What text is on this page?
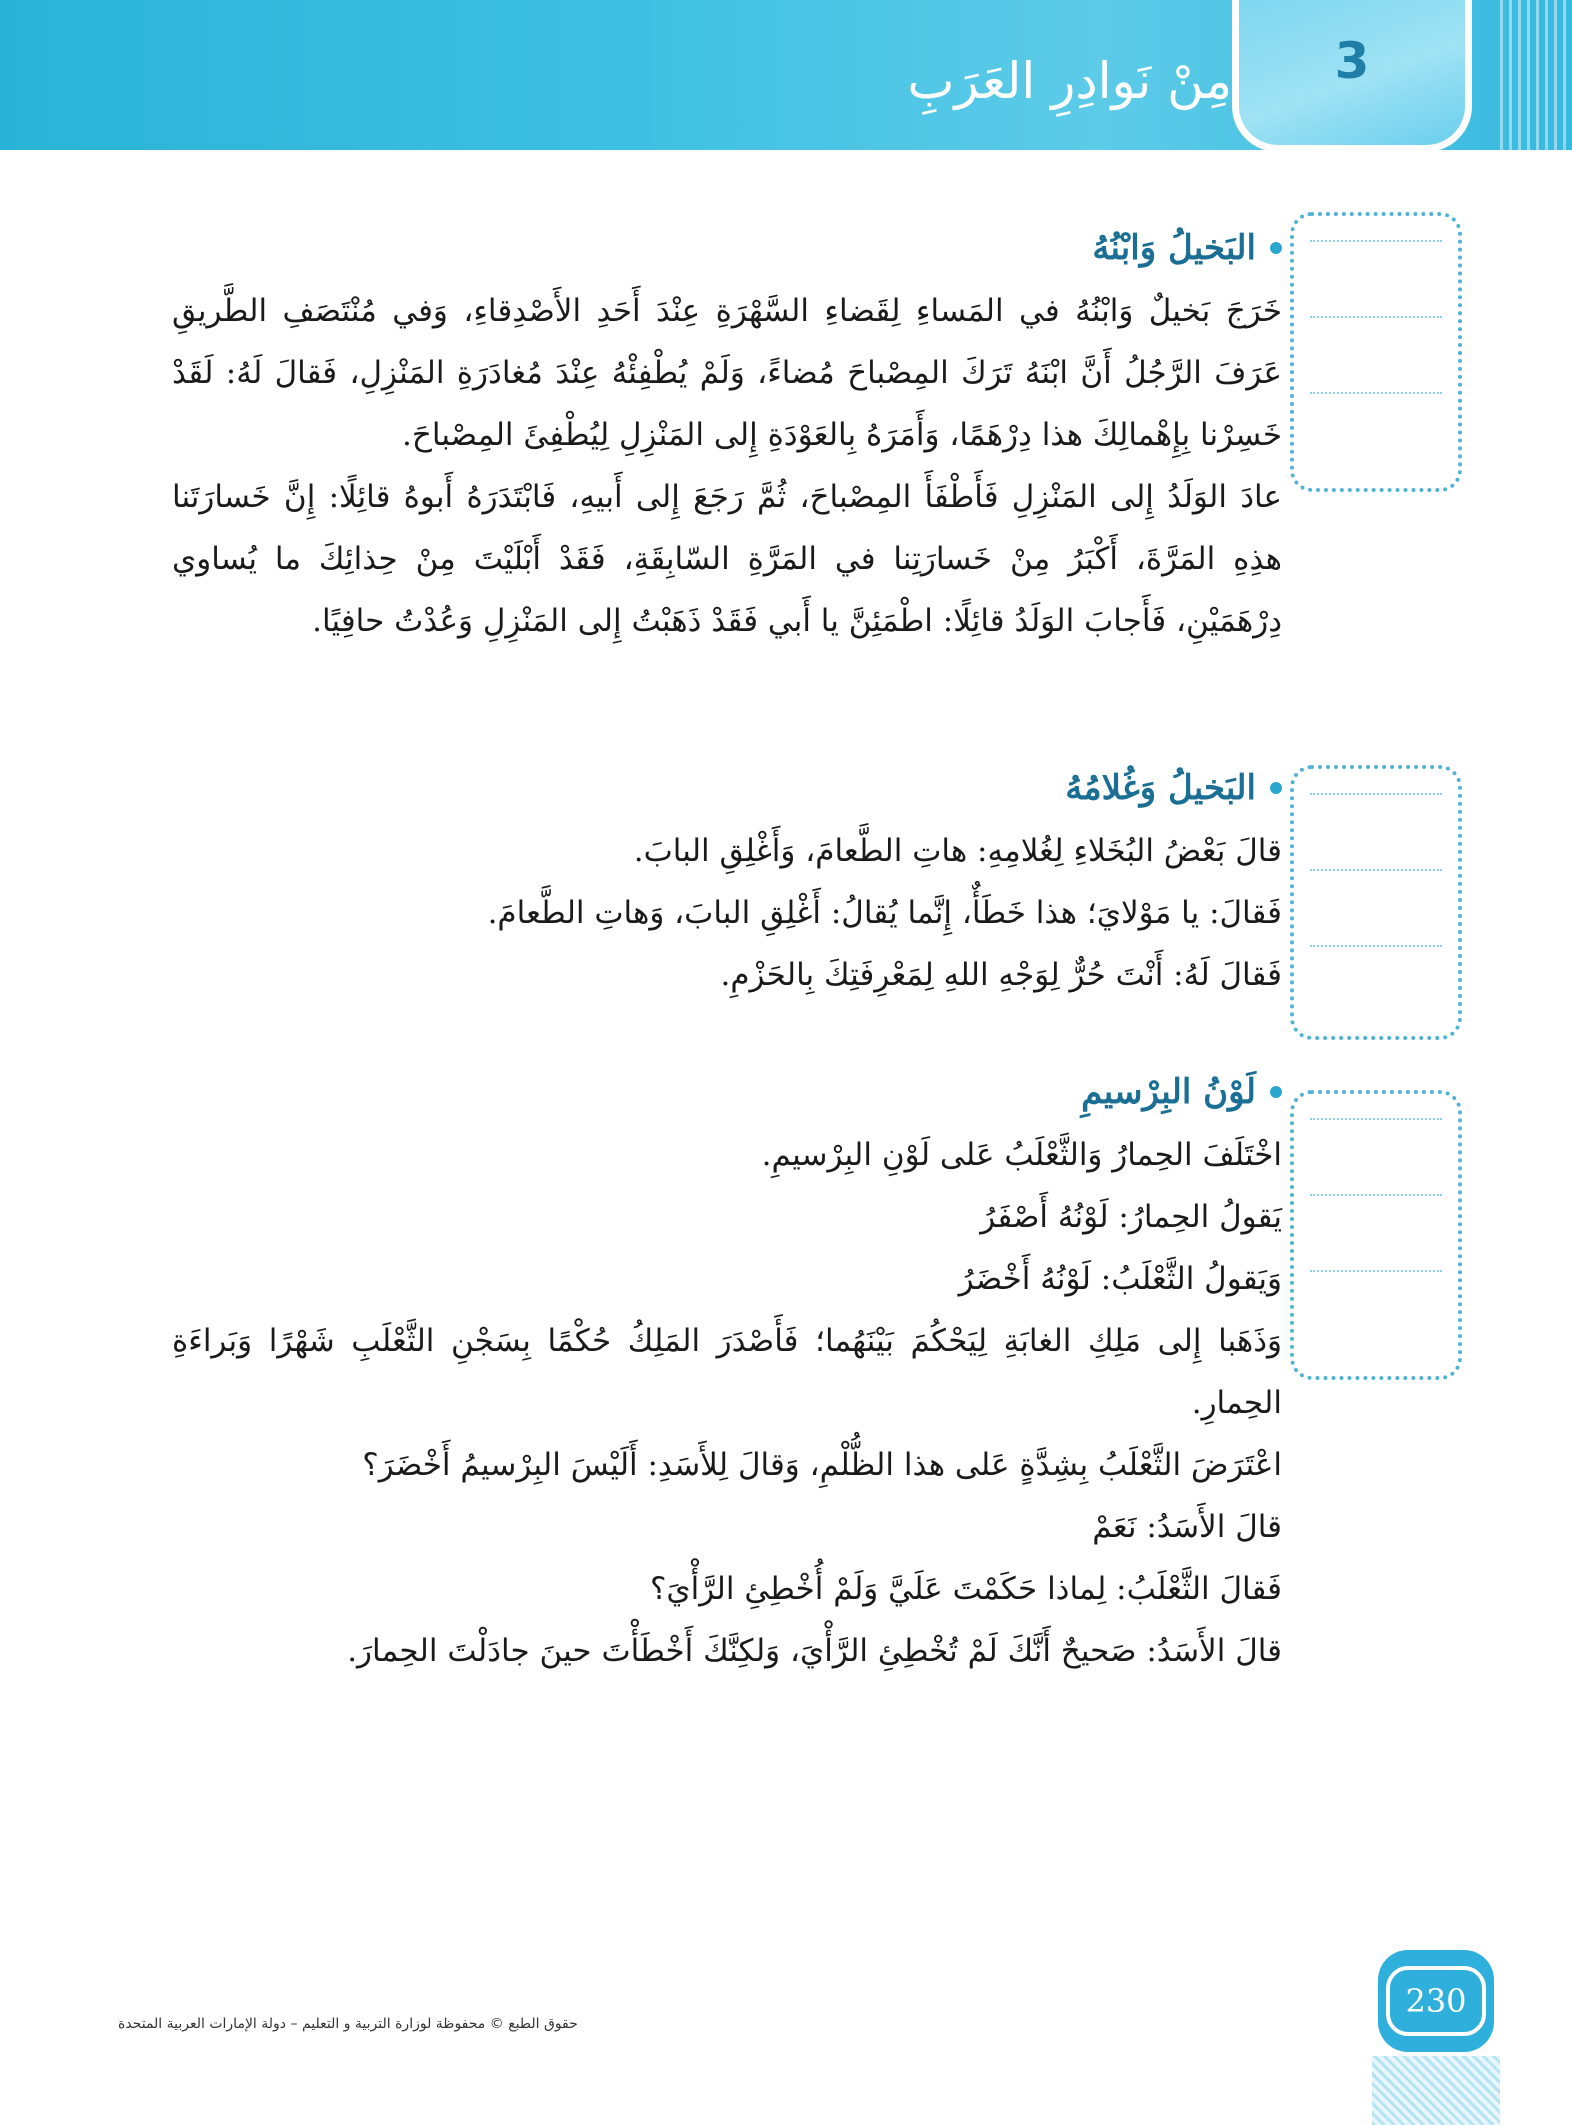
مِنْ نَوادِرِ العَرَبِ	3
البَخيلُ وَابْنُهُ

خَرَجَ بَخيلٌ وَابْنُهُ في المَساءِ لِقَضاءِ السَّهْرَةِ عِنْدَ أَحَدِ الأَصْدِقاءِ، وَفي مُنْتَصَفِ الطَّريقِ عَرَفَ الرَّجُلُ أَنَّ ابْنَهُ تَرَكَ المِصْباحَ مُضاءً، وَلَمْ يُطْفِئْهُ عِنْدَ مُغادَرَةِ المَنْزِلِ، فَقالَ لَهُ: لَقَدْ خَسِرْنا بِإِهْمالِكَ هذا دِرْهَمًا، وَأَمَرَهُ بِالعَوْدَةِ إِلى المَنْزِلِ لِيُطْفِئَ المِصْباحَ.

عادَ الوَلَدُ إِلى المَنْزِلِ فَأَطْفَأَ المِصْباحَ، ثُمَّ رَجَعَ إِلى أَبيهِ، فَابْتَدَرَهُ أَبوهُ قائِلًا: إِنَّ خَسارَتَنا هذِهِ المَرَّةَ، أَكْبَرُ مِنْ خَسارَتِنا في المَرَّةِ السّابِقَةِ، فَقَدْ أَبْلَيْتَ مِنْ حِذائِكَ ما يُساوي دِرْهَمَيْنِ، فَأَجابَ الوَلَدُ قائِلًا: اطْمَئِنَّ يا أَبي فَقَدْ ذَهَبْتُ إِلى المَنْزِلِ وَعُدْتُ حافِيًا.

البَخيلُ وَغُلامُهُ

قالَ بَعْضُ البُخَلاءِ لِغُلامِهِ: هاتِ الطَّعامَ، وَأَغْلِقِ البابَ.

فَقالَ: يا مَوْلايَ؛ هذا خَطَأٌ، إِنَّما يُقالُ: أَغْلِقِ البابَ، وَهاتِ الطَّعامَ.

فَقالَ لَهُ: أَنْتَ حُرٌّ لِوَجْهِ اللهِ لِمَعْرِفَتِكَ بِالحَزْمِ.

لَوْنُ البِرْسيمِ

اخْتَلَفَ الحِمارُ وَالثَّعْلَبُ عَلى لَوْنِ البِرْسيمِ.

يَقولُ الحِمارُ: لَوْنُهُ أَصْفَرُ

وَيَقولُ الثَّعْلَبُ: لَوْنُهُ أَخْضَرُ

وَذَهَبا إِلى مَلِكِ الغابَةِ لِيَحْكُمَ بَيْنَهُما؛ فَأَصْدَرَ المَلِكُ حُكْمًا بِسَجْنِ الثَّعْلَبِ شَهْرًا وَبَراءَةِ الحِمارِ.

اعْتَرَضَ الثَّعْلَبُ بِشِدَّةٍ عَلى هذا الظُّلْمِ، وَقالَ لِلأَسَدِ: أَلَيْسَ البِرْسيمُ أَخْضَرَ؟

قالَ الأَسَدُ: نَعَمْ

فَقالَ الثَّعْلَبُ: لِماذا حَكَمْتَ عَلَيَّ وَلَمْ أُخْطِئِ الرَّأْيَ؟

قالَ الأَسَدُ: صَحيحٌ أَنَّكَ لَمْ تُخْطِئِ الرَّأْيَ، وَلكِنَّكَ أَخْطَأْتَ حينَ جادَلْتَ الحِمارَ.

حقوق الطبع © محفوظة لوزارة التربية و التعليم – دولة الإمارات العربية المتحدة
230
